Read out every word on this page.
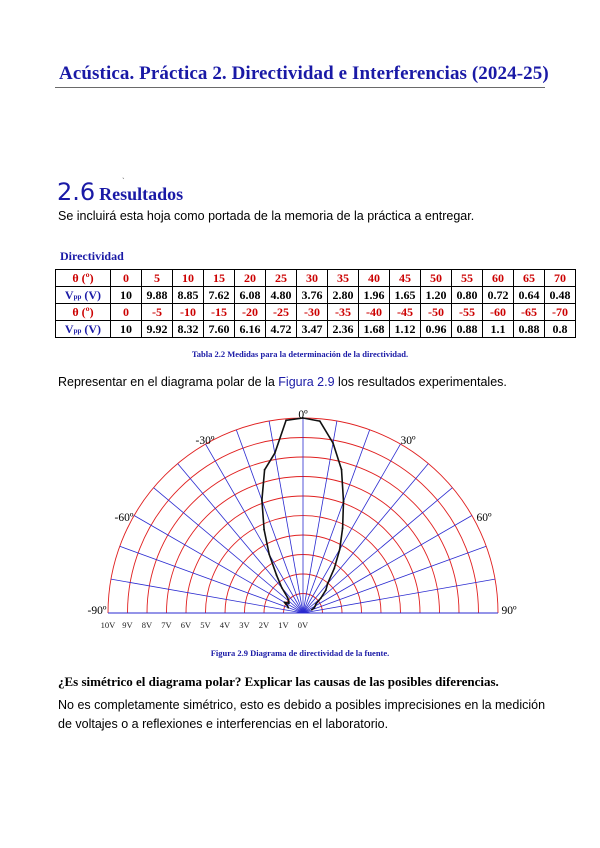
Acústica. Práctica 2. Directividad e Interferencias (2024-25)
ˏ
2.6 Resultados
Se incluirá esta hoja como portada de la memoria de la práctica a entregar.
Directividad
θ (º)	0	5	10	15	20	25	30	35	40	45	50	55	60	65	70
Vpp (V)	10	9.88	8.85	7.62	6.08	4.80	3.76	2.80	1.96	1.65	1.20	0.80	0.72	0.64	0.48
θ (º)	0	-5	-10	-15	-20	-25	-30	-35	-40	-45	-50	-55	-60	-65	-70
Vpp (V)	10	9.92	8.32	7.60	6.16	4.72	3.47	2.36	1.68	1.12	0.96	0.88	1.1	0.88	0.8
Tabla 2.2 Medidas para la determinación de la directividad.
Representar en el diagrama polar de la Figura 2.9 los resultados experimentales.
0º
30º
-30º
60º
-60º
90º
-90º
10V 9V 8V 7V 6V 5V 4V 3V 2V 1V 0V
Figura 2.9 Diagrama de directividad de la fuente.
¿Es simétrico el diagrama polar? Explicar las causas de las posibles diferencias.
No es completamente simétrico, esto es debido a posibles imprecisiones en la medición de voltajes o a reflexiones e interferencias en el laboratorio.
